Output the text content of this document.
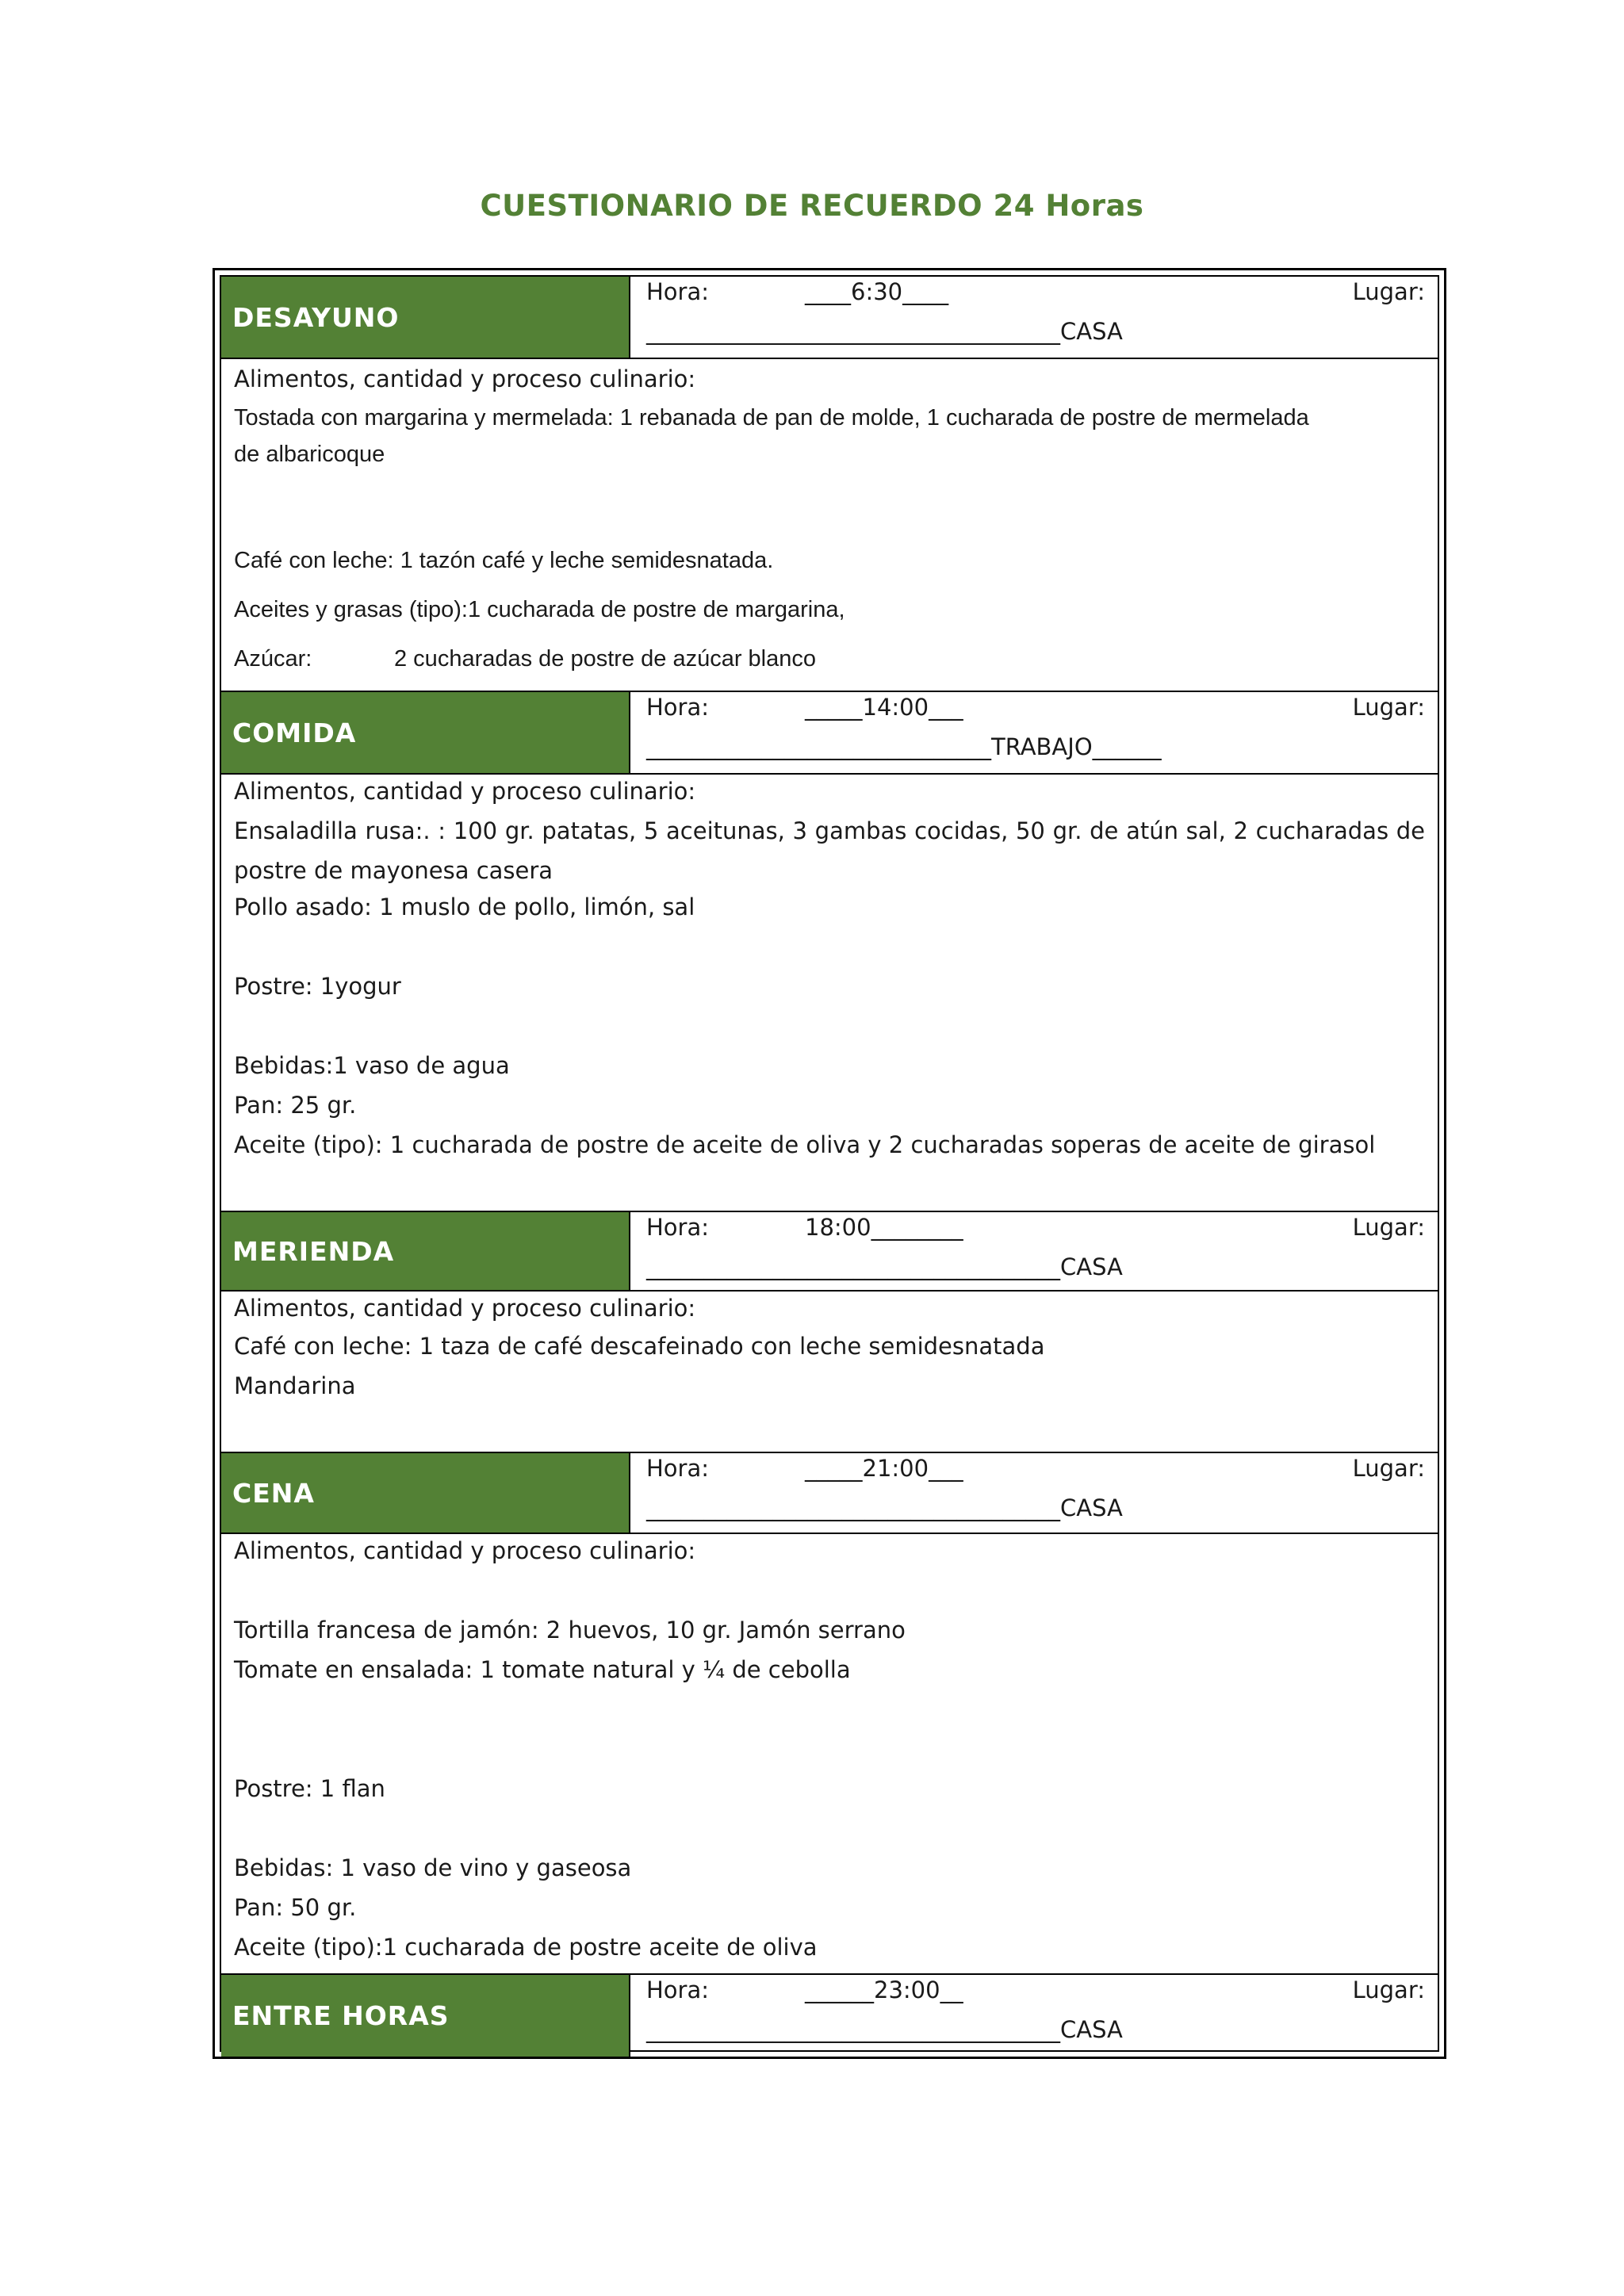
CUESTIONARIO DE RECUERDO 24 Horas
DESAYUNO
Hora:	____6:30____	Lugar:
____________________________________CASA
Alimentos, cantidad y proceso culinario:
Tostada con margarina y mermelada: 1 rebanada de pan de molde, 1 cucharada de postre de mermelada
de albaricoque
Café con leche: 1 tazón café y leche semidesnatada.
Aceites y grasas (tipo):1 cucharada de postre de margarina,
Azúcar:	2 cucharadas de postre de azúcar blanco
COMIDA
Hora:	_____14:00___	Lugar:
______________________________TRABAJO______
Alimentos, cantidad y proceso culinario:
Ensaladilla rusa:. : 100 gr. patatas, 5 aceitunas, 3 gambas cocidas, 50 gr. de atún sal, 2 cucharadas de postre de mayonesa casera
Pollo asado: 1 muslo de pollo, limón, sal
Postre: 1yogur
Bebidas:1 vaso de agua
Pan: 25 gr.
Aceite (tipo): 1 cucharada de postre de aceite de oliva y 2 cucharadas soperas de aceite de girasol
MERIENDA
Hora:	18:00________	Lugar:
____________________________________CASA
Alimentos, cantidad y proceso culinario:
Café con leche: 1 taza de café descafeinado con leche semidesnatada
Mandarina
CENA
Hora:	_____21:00___	Lugar:
____________________________________CASA
Alimentos, cantidad y proceso culinario:
Tortilla francesa de jamón: 2 huevos, 10 gr. Jamón serrano
Tomate en ensalada: 1 tomate natural y ¼ de cebolla
Postre: 1 flan
Bebidas: 1 vaso de vino y gaseosa
Pan: 50 gr.
Aceite (tipo):1 cucharada de postre aceite de oliva
ENTRE HORAS
Hora:	______23:00__	Lugar:
____________________________________CASA
